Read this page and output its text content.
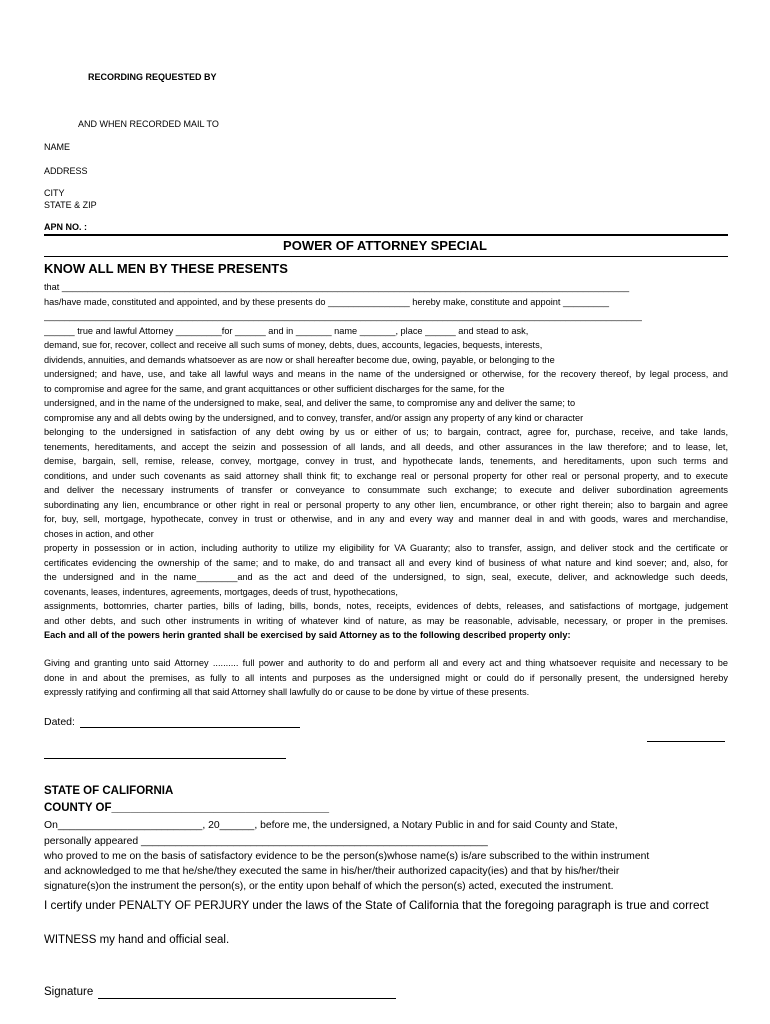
RECORDING REQUESTED BY
AND WHEN RECORDED MAIL TO
NAME
ADDRESS
CITY
STATE & ZIP
APN NO. :
POWER OF ATTORNEY SPECIAL
KNOW ALL MEN BY THESE PRESENTS
that _______________________________________________________________________________________________________________
has/have made, constituted and appointed, and by these presents do ________________ hereby make, constitute and appoint _________
_____________________________________________________________________________________________________________________
______ true and lawful Attorney _________for ______ and in _______ name _______, place ______ and stead to ask,
demand, sue for, recover, collect and receive all such sums of money, debts, dues, accounts, legacies, bequests, interests,
dividends, annuities, and demands whatsoever as are now or shall hereafter become due, owing, payable, or belonging to the
undersigned; and have, use, and take all lawful ways and means in the name of the undersigned or otherwise, for the recovery thereof, by legal process, and
to compromise and agree for the same, and grant acquittances or other sufficient discharges for the same, for the
undersigned, and in the name of the undersigned to make, seal, and deliver the same, to compromise any and deliver the same; to
compromise any and all debts owing by the undersigned, and to convey, transfer, and/or assign any property of any kind or character
belonging to the undersigned in satisfaction of any debt owing by us or either of us; to bargain, contract, agree for, purchase, receive, and take lands,
tenements, hereditaments, and accept the seizin and possession of all lands, and all deeds, and other assurances in the law therefore; and to lease, let,
demise, bargain, sell, remise, release, convey, mortgage, convey in trust, and hypothecate lands, tenements, and hereditaments, upon such terms and
conditions, and under such covenants as said attorney shall think fit; to exchange real or personal property for other real or personal property, and to execute
and deliver the necessary instruments of transfer or conveyance to consummate such exchange; to execute and deliver subordination agreements
subordinating any lien, encumbrance or other right in real or personal property to any other lien, encumbrance, or other right therein; also to bargain and agree
for, buy, sell, mortgage, hypothecate, convey in trust or otherwise, and in any and every way and manner deal in and with goods, wares and merchandise,
choses in action, and other
property in possession or in action, including authority to utilize my eligibility for VA Guaranty; also to transfer, assign, and deliver stock and the certificate or
certificates evidencing the ownership of the same; and to make, do and transact all and every kind of business of what nature and kind soever; and, also, for
the undersigned and in the name________and as the act and deed of the undersigned, to sign, seal, execute, deliver, and acknowledge such deeds,
covenants, leases, indentures, agreements, mortgages, deeds of trust, hypothecations,
assignments, bottomries, charter parties, bills of lading, bills, bonds, notes, receipts, evidences of debts, releases, and satisfactions of mortgage, judgement
and other debts, and such other instruments in writing of whatever kind of nature, as may be reasonable, advisable, necessary, or proper in the premises.
Each and all of the powers herin granted shall be exercised by said Attorney as to the following described property only:
Giving and granting unto said Attorney .......... full power and authority to do and perform all and every act and thing whatsoever requisite and necessary to be
done in and about the premises, as fully to all intents and purposes as the undersigned might or could do if personally present, the undersigned hereby
expressly ratifying and confirming all that said Attorney shall lawfully do or cause to be done by virtue of these presents.
Dated:
STATE OF CALIFORNIA
COUNTY OF__________________________________
On_________________________, 20______, before me, the undersigned, a Notary Public in and for said County and State,
personally appeared ____________________________________________________________
who proved to me on the basis of satisfactory evidence to be the person(s)whose name(s) is/are subscribed to the within instrument
and acknowledged to me that he/she/they executed the same in his/her/their authorized capacity(ies) and that by his/her/their
signature(s)on the instrument the person(s), or the entity upon behalf of which the person(s) acted, executed the instrument.
I certify under PENALTY OF PERJURY under the laws of the State of California that the foregoing paragraph is true and correct
WITNESS my hand and official seal.
Signature
